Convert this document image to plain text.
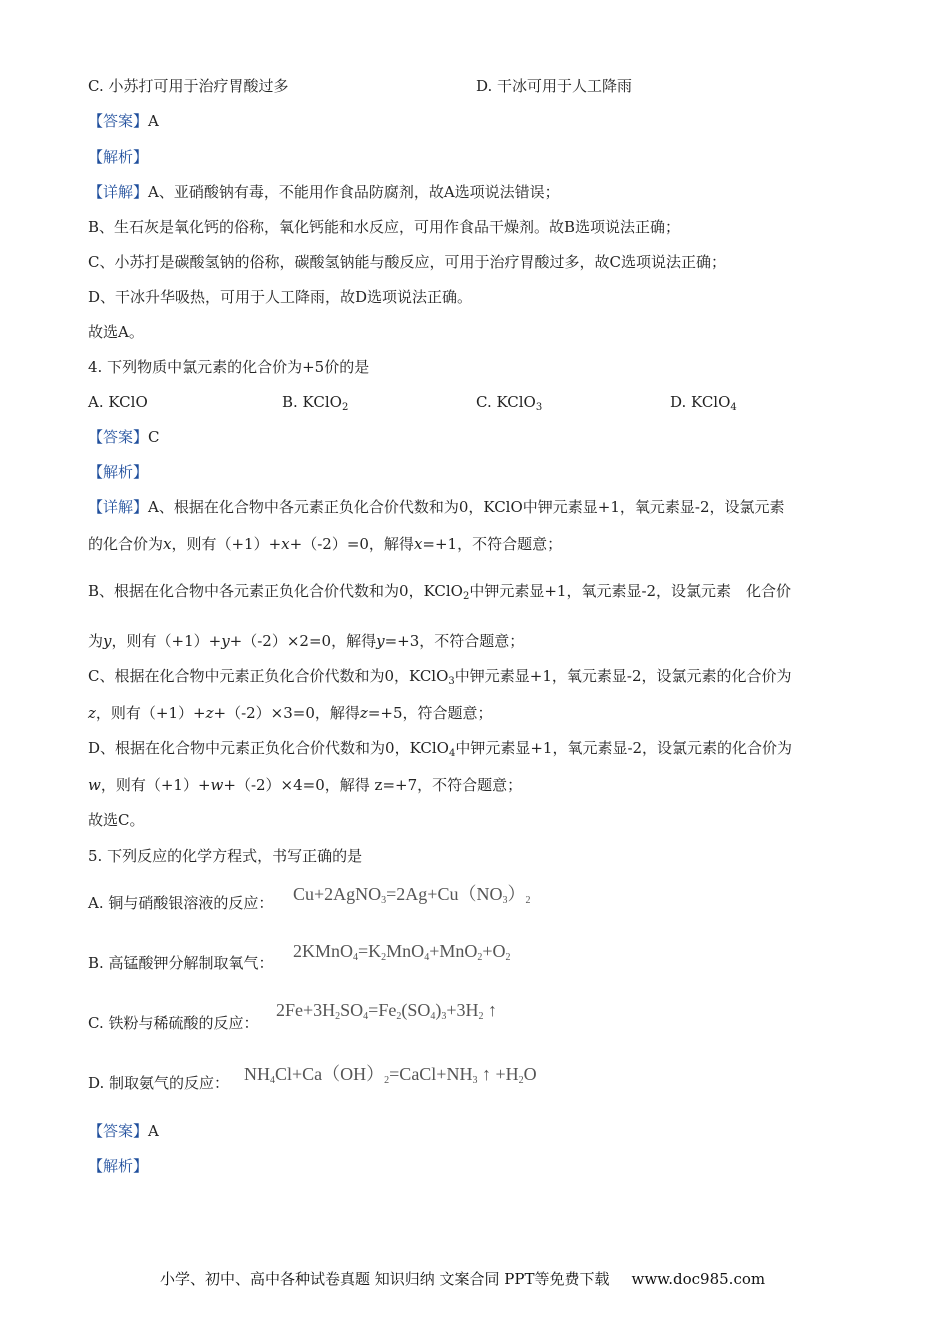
C. 小苏打可用于治疗胃酸过多	D. 干冰可用于人工降雨
【答案】A
【解析】
【详解】A、亚硝酸钠有毒，不能用作食品防腐剂，故A选项说法错误；
B、生石灰是氧化钙的俗称，氧化钙能和水反应，可用作食品干燥剂。故B选项说法正确；
C、小苏打是碳酸氢钠的俗称，碳酸氢钠能与酸反应，可用于治疗胃酸过多，故C选项说法正确；
D、干冰升华吸热，可用于人工降雨，故D选项说法正确。
故选A。
4. 下列物质中氯元素的化合价为+5价的是
A. KClO	B. KClO$_2$	C. KClO$_3$	D. KClO$_4$
【答案】C
【解析】
【详解】A、根据在化合物中各元素正负化合价代数和为0，KClO中钾元素显+1，氧元素显-2，设氯元素
的化合价为x，则有（+1）+x+（-2）=0，解得x=+1，不符合题意；
B、根据在化合物中各元素正负化合价代数和为0，KClO$_2$中钾元素显+1，氧元素显-2，设氯元素　化合价
为y，则有（+1）+y+（-2）×2=0，解得y=+3，不符合题意；
C、根据在化合物中元素正负化合价代数和为0，KClO$_3$中钾元素显+1，氧元素显-2，设氯元素的化合价为
z，则有（+1）+z+（-2）×3=0，解得z=+5，符合题意；
D、根据在化合物中元素正负化合价代数和为0，KClO$_4$中钾元素显+1，氧元素显-2，设氯元素的化合价为
w，则有（+1）+w+（-2）×4=0，解得 z=+7，不符合题意；
故选C。
5. 下列反应的化学方程式，书写正确的是
A. 铜与硝酸银溶液的反应： $Cu+2AgNO_3=2Ag+Cu(NO_3)_2$
B. 高锰酸钾分解制取氧气：
$2KMnO_4=K_2MnO_4+MnO_2+O_2$
C. 铁粉与稀硫酸的反应：
$2Fe+3H_2SO_4=Fe_2(SO_4)_3+3H_2$ ↑
D. 制取氨气的反应： $NH_4Cl+Ca(OH)_2=CaCl+NH_3$ ↑ $+H_2O$
【答案】A
【解析】
小学、初中、高中各种试卷真题 知识归纳 文案合同 PPT等免费下载 www.doc985.com
